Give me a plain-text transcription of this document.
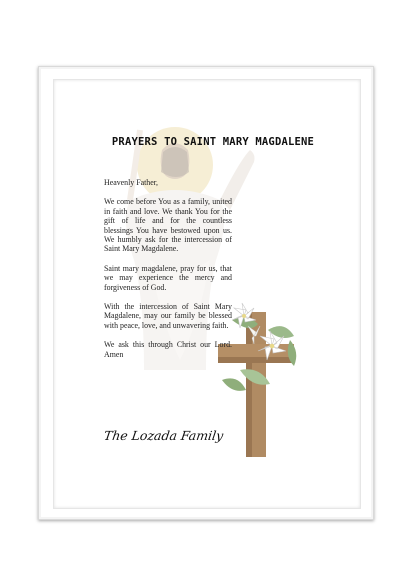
PRAYERS TO SAINT MARY MAGDALENE

Heavenly Father,

We come before You as a family, united in faith and love. We thank You for the gift of life and for the countless blessings You have bestowed upon us. We humbly ask for the intercession of Saint Mary Magdalene.

Saint mary magdalene, pray for us, that we may experience the mercy and forgiveness of God.

With the intercession of Saint Mary Magdalene, may our family be blessed with peace, love, and unwavering faith.

We ask this through Christ our Lord. Amen

The Lozada Family
